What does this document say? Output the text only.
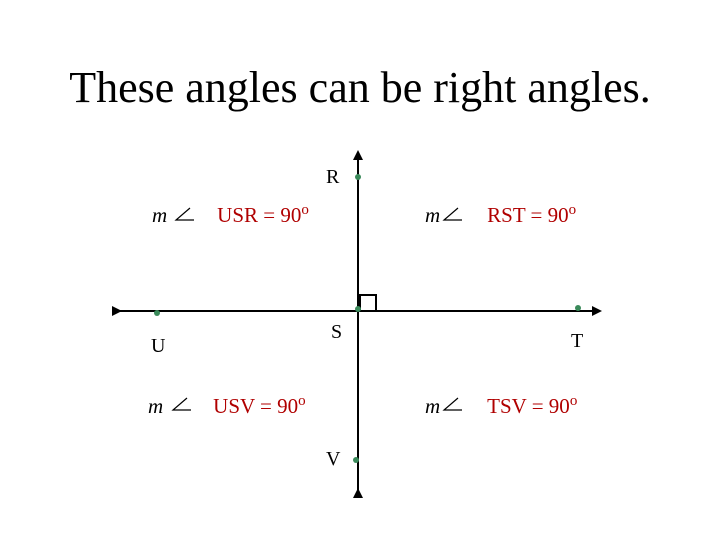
These angles can be right angles.
R
S	T
U
V
m USR = $90^o$	m RST = $90^o$
m USV = $90^o$	m TSV = $90^o$
